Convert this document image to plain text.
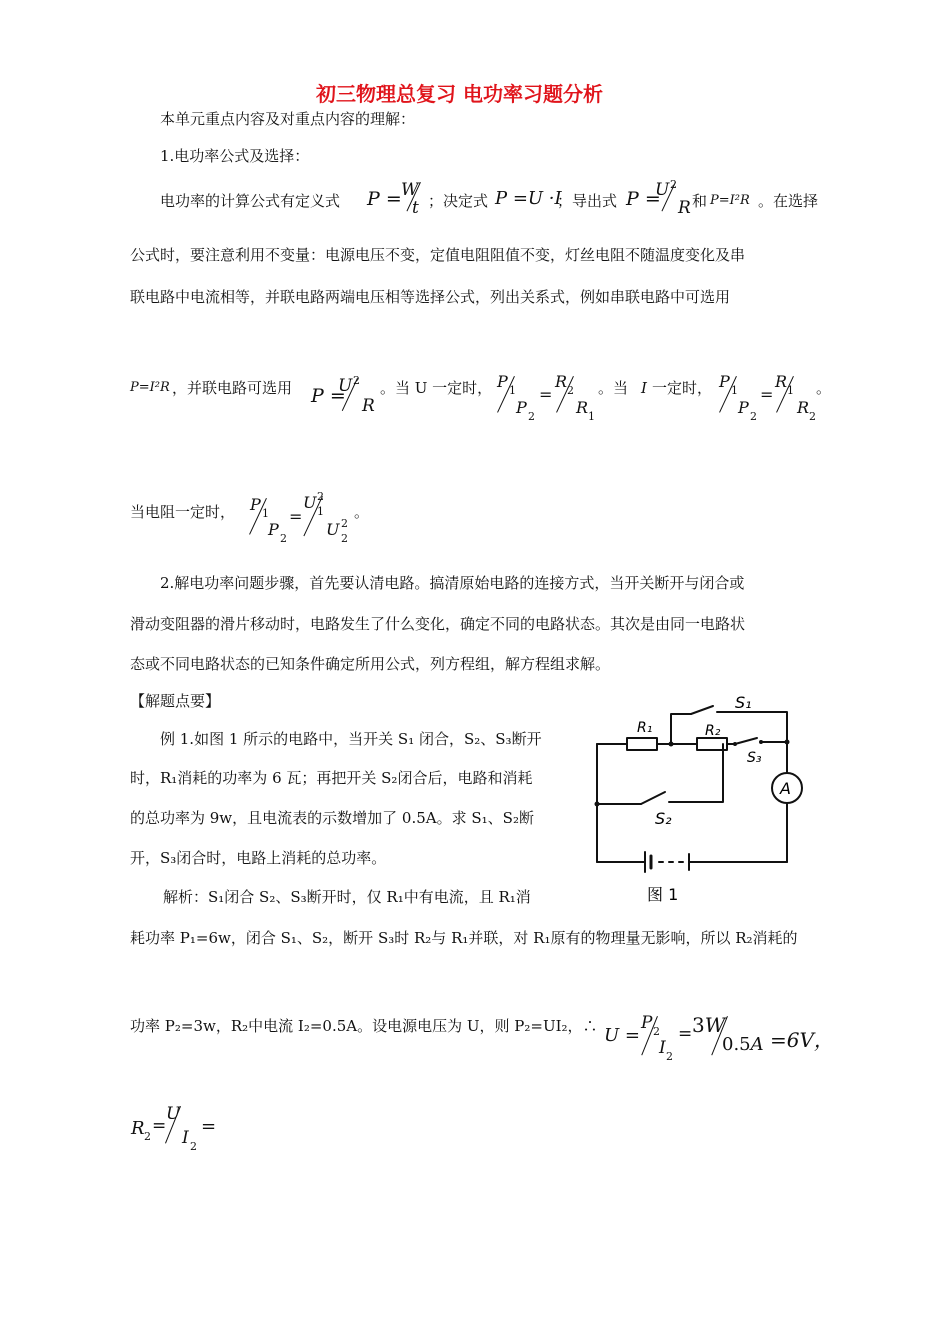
初三物理总复习 电功率习题分析
本单元重点内容及对重点内容的理解：
1.电功率公式及选择：
电功率的计算公式有定义式 P = W
t ；决定式 P =U ·I
；导出式 P =
U 2
R 和 P=I²R 。在选择
公式时，要注意利用不变量：电源电压不变，定值电阻阻值不变，灯丝电阻不随温度变化及串
联电路中电流相等，并联电路两端电压相等选择公式，列出关系式，例如串联电路中可选用
P=I²R ，并联电路可选用 P =
U 2
R
。当 U 一定时， P 1
P 2
=
R 2
R 1
。当 I 一定时， P 1
P 2
=
R 1
R 2
。
当电阻一定时， P 1
P 2
=
U 2
1
U 2
2
。
2.解电功率问题步骤，首先要认清电路。搞清原始电路的连接方式，当开关断开与闭合或
滑动变阻器的滑片移动时，电路发生了什么变化，确定不同的电路状态。其次是由同一电路状
态或不同电路状态的已知条件确定所用公式，列方程组，解方程组求解。
【解题点要】
例 1.如图 1 所示的电路中，当开关 S₁ 闭合，S₂、S₃断开
时，R₁消耗的功率为 6 瓦；再把开关 S₂闭合后，电路和消耗
的总功率为 9w，且电流表的示数增加了 0.5A。求 S₁、S₂断
开，S₃闭合时，电路上消耗的总功率。
解析：S₁闭合 S₂、S₃断开时，仅 R₁中有电流，且 R₁消
耗功率 P₁=6w，闭合 S₁、S₂，断开 S₃时 R₂与 R₁并联，对 R₁原有的物理量无影响，所以 R₂消耗的
功率 P₂=3w，R₂中电流 I₂=0.5A。设电源电压为 U，则 P₂=UI₂，∴ U =
P 2
I 2
= 3W
0.5A =6V，
R 2
=
U
I 2
=
R₁	R₂
S₁
S₃
S₂
A
图 1
